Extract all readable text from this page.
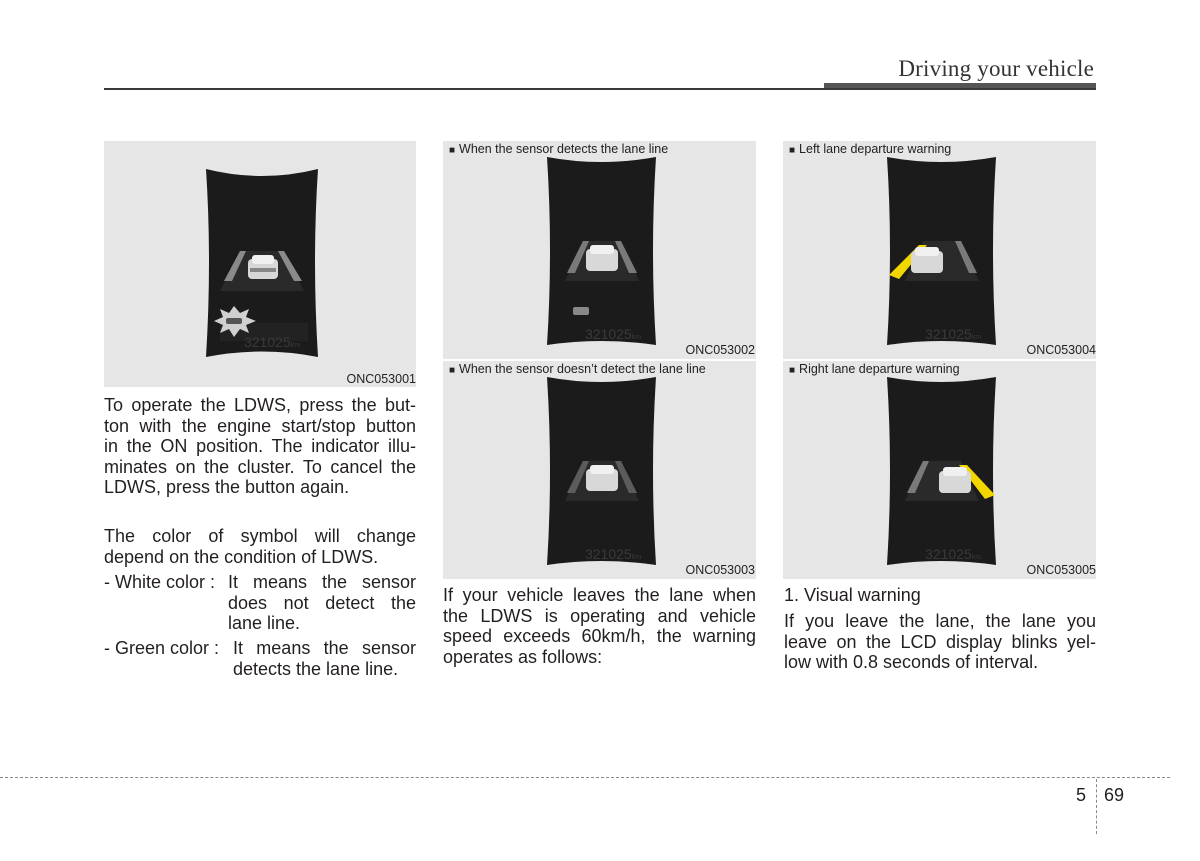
Driving your vehicle
321025km
ONC053001
■ When the sensor detects the lane line
321025km
ONC053002
■ When the sensor doesn’t detect the lane line
321025km
ONC053003
■ Left lane departure warning
321025km
ONC053004
■ Right lane departure warning
321025km
ONC053005
To operate the LDWS, press the but-
ton with the engine start/stop button
in the ON position. The indicator illu-
minates on the cluster. To cancel the
LDWS, press the button again.
The color of symbol will change
depend on the condition of LDWS.
- White color : It means the sensor
does not detect the
lane line.
- Green color : It means the sensor
detects the lane line.
If your vehicle leaves the lane when
the LDWS is operating and vehicle
speed exceeds 60km/h, the warning
operates as follows:
1. Visual warning
If you leave the lane, the lane you
leave on the LCD display blinks yel-
low with 0.8 seconds of interval.
5 69
